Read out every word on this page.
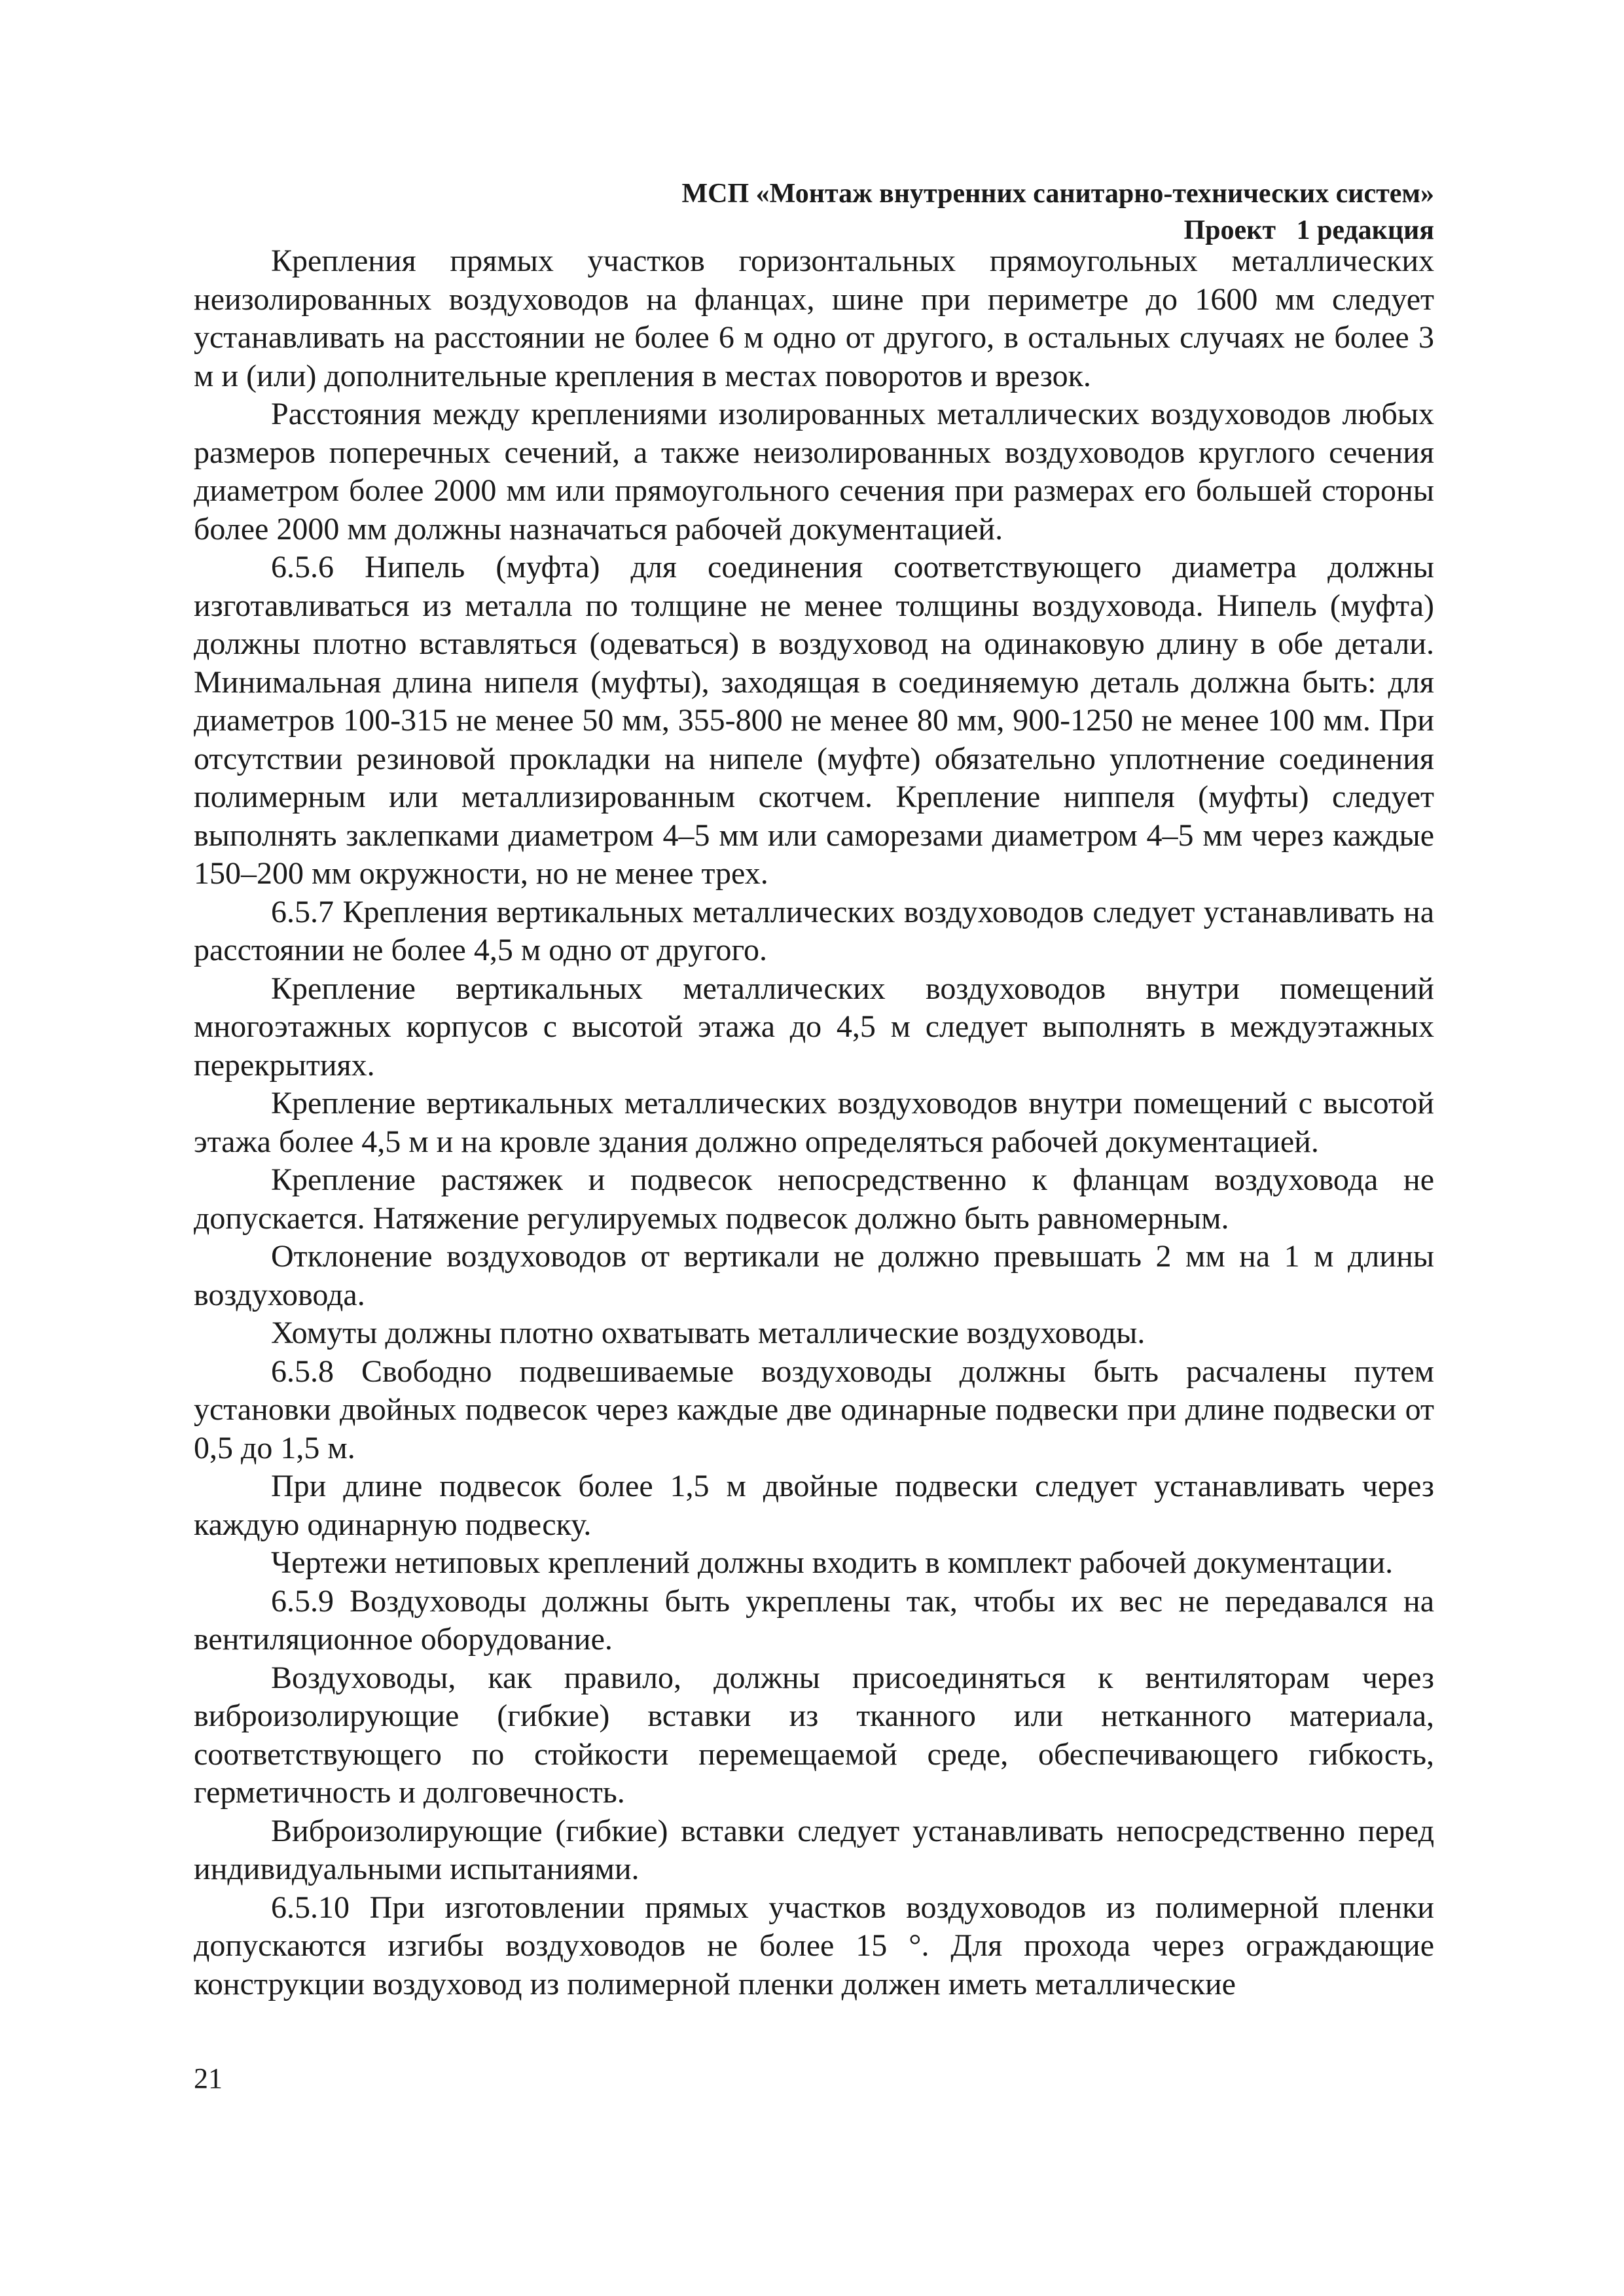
МСП «Монтаж внутренних санитарно-технических систем»
Проект   1 редакция

Крепления прямых участков горизонтальных прямоугольных металлических неизолированных воздуховодов на фланцах, шине при периметре до 1600 мм следует устанавливать на расстоянии не более 6 м одно от другого, в остальных случаях не более 3 м и (или) дополнительные крепления в местах поворотов и врезок.

Расстояния между креплениями изолированных металлических воздуховодов любых размеров поперечных сечений, а также неизолированных воздуховодов круглого сечения диаметром более 2000 мм или прямоугольного сечения при размерах его большей стороны более 2000 мм должны назначаться рабочей документацией.

6.5.6 Нипель (муфта) для соединения соответствующего диаметра должны изготавливаться из металла по толщине не менее толщины воздуховода. Нипель (муфта) должны плотно вставляться (одеваться) в воздуховод на одинаковую длину в обе детали. Минимальная длина нипеля (муфты), заходящая в соединяемую деталь должна быть: для диаметров 100-315 не менее 50 мм, 355-800 не менее 80 мм, 900-1250 не менее 100 мм. При отсутствии резиновой прокладки на нипеле (муфте) обязательно уплотнение соединения полимерным или металлизированным скотчем. Крепление ниппеля (муфты) следует выполнять заклепками диаметром 4–5 мм или саморезами диаметром 4–5 мм через каждые 150–200 мм окружности, но не менее трех.

6.5.7 Крепления вертикальных металлических воздуховодов следует устанавливать на расстоянии не более 4,5 м одно от другого.

Крепление вертикальных металлических воздуховодов внутри помещений многоэтажных корпусов с высотой этажа до 4,5 м следует выполнять в междуэтажных перекрытиях.

Крепление вертикальных металлических воздуховодов внутри помещений с высотой этажа более 4,5 м и на кровле здания должно определяться рабочей документацией.

Крепление растяжек и подвесок непосредственно к фланцам воздуховода не допускается. Натяжение регулируемых подвесок должно быть равномерным.

Отклонение воздуховодов от вертикали не должно превышать 2 мм на 1 м длины воздуховода.

Хомуты должны плотно охватывать металлические воздуховоды.

6.5.8 Свободно подвешиваемые воздуховоды должны быть расчалены путем установки двойных подвесок через каждые две одинарные подвески при длине подвески от 0,5 до 1,5 м.

При длине подвесок более 1,5 м двойные подвески следует устанавливать через каждую одинарную подвеску.

Чертежи нетиповых креплений должны входить в комплект рабочей документации.

6.5.9 Воздуховоды должны быть укреплены так, чтобы их вес не передавался на вентиляционное оборудование.

Воздуховоды, как правило, должны присоединяться к вентиляторам через виброизолирующие (гибкие) вставки из тканного или нетканного материала, соответствующего по стойкости перемещаемой среде, обеспечивающего гибкость, герметичность и долговечность.

Виброизолирующие (гибкие) вставки следует устанавливать непосредственно перед индивидуальными испытаниями.

6.5.10 При изготовлении прямых участков воздуховодов из полимерной пленки допускаются изгибы воздуховодов не более 15 °. Для прохода через ограждающие конструкции воздуховод из полимерной пленки должен иметь металлические

21
